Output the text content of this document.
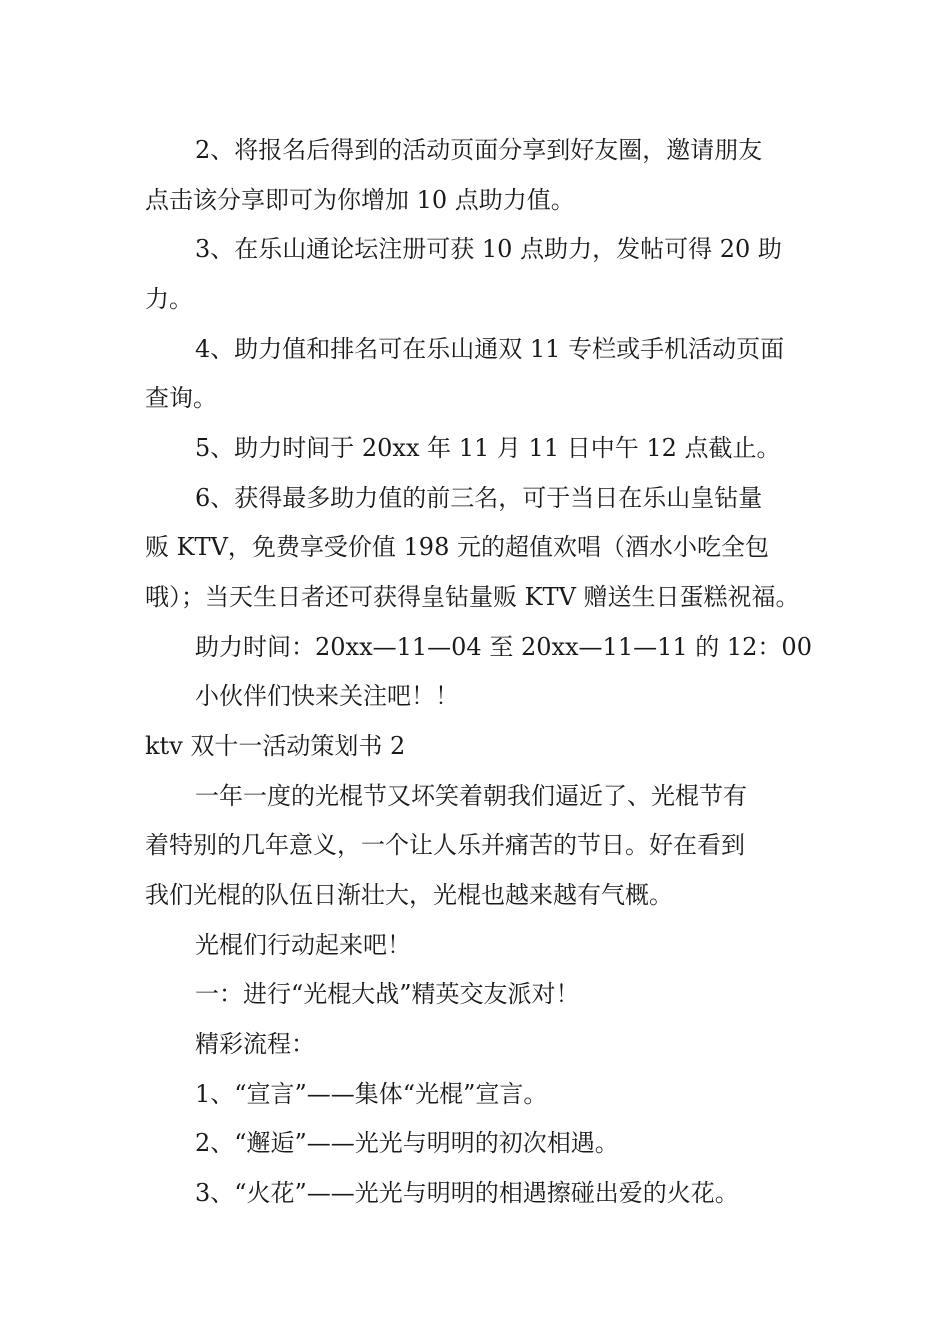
2、将报名后得到的活动页面分享到好友圈，邀请朋友

点击该分享即可为你增加 10 点助力值。

3、在乐山通论坛注册可获 10 点助力，发帖可得 20 助

力。

4、助力值和排名可在乐山通双 11 专栏或手机活动页面

查询。

5、助力时间于 20xx 年 11 月 11 日中午 12 点截止。

6、获得最多助力值的前三名，可于当日在乐山皇钻量

贩 KTV，免费享受价值 198 元的超值欢唱（酒水小吃全包

哦）；当天生日者还可获得皇钻量贩 KTV 赠送生日蛋糕祝福。

助力时间：20xx—11—04 至 20xx—11—11 的 12：00

小伙伴们快来关注吧！！

ktv 双十一活动策划书 2

一年一度的光棍节又坏笑着朝我们逼近了、光棍节有

着特别的几年意义，一个让人乐并痛苦的节日。好在看到

我们光棍的队伍日渐壮大，光棍也越来越有气概。

光棍们行动起来吧！

一：进行“光棍大战”精英交友派对！

精彩流程：

1、“宣言”——集体“光棍”宣言。

2、“邂逅”——光光与明明的初次相遇。

3、“火花”——光光与明明的相遇擦碰出爱的火花。
